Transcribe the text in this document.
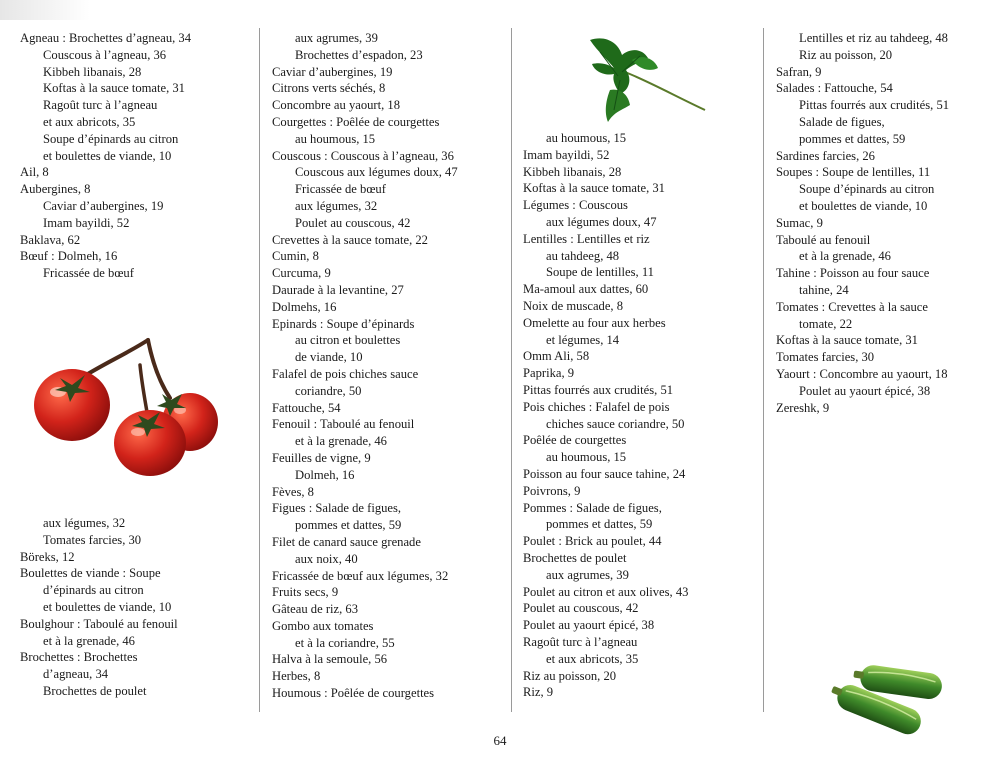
Agneau : Brochettes d’agneau, 34
Couscous à l’agneau, 36
Kibbeh libanais, 28
Koftas à la sauce tomate, 31
Ragoût turc à l’agneau
et aux abricots, 35
Soupe d’épinards au citron
et boulettes de viande, 10
Ail, 8
Aubergines, 8
Caviar d’aubergines, 19
Imam bayildi, 52
Baklava, 62
Bœuf : Dolmeh, 16
Fricassée de bœuf
aux légumes, 32
Tomates farcies, 30
Böreks, 12
Boulettes de viande : Soupe
d’épinards au citron
et boulettes de viande, 10
Boulghour : Taboulé au fenouil
et à la grenade, 46
Brochettes : Brochettes
d’agneau, 34
Brochettes de poulet
aux agrumes, 39
Brochettes d’espadon, 23
Caviar d’aubergines, 19
Citrons verts séchés, 8
Concombre au yaourt, 18
Courgettes : Poêlée de courgettes
au houmous, 15
Couscous : Couscous à l’agneau, 36
Couscous aux légumes doux, 47
Fricassée de bœuf
aux légumes, 32
Poulet au couscous, 42
Crevettes à la sauce tomate, 22
Cumin, 8
Curcuma, 9
Daurade à la levantine, 27
Dolmehs, 16
Epinards : Soupe d’épinards
au citron et boulettes
de viande, 10
Falafel de pois chiches sauce
coriandre, 50
Fattouche, 54
Fenouil : Taboulé au fenouil
et à la grenade, 46
Feuilles de vigne, 9
Dolmeh, 16
Fèves, 8
Figues : Salade de figues,
pommes et dattes, 59
Filet de canard sauce grenade
aux noix, 40
Fricassée de bœuf aux légumes, 32
Fruits secs, 9
Gâteau de riz, 63
Gombo aux tomates
et à la coriandre, 55
Halva à la semoule, 56
Herbes, 8
Houmous : Poêlée de courgettes
au houmous, 15
Imam bayildi, 52
Kibbeh libanais, 28
Koftas à la sauce tomate, 31
Légumes : Couscous
aux légumes doux, 47
Lentilles : Lentilles et riz
au tahdeeg, 48
Soupe de lentilles, 11
Ma-amoul aux dattes, 60
Noix de muscade, 8
Omelette au four aux herbes
et légumes, 14
Omm Ali, 58
Paprika, 9
Pittas fourrés aux crudités, 51
Pois chiches : Falafel de pois
chiches sauce coriandre, 50
Poêlée de courgettes
au houmous, 15
Poisson au four sauce tahine, 24
Poivrons, 9
Pommes : Salade de figues,
pommes et dattes, 59
Poulet : Brick au poulet, 44
Brochettes de poulet
aux agrumes, 39
Poulet au citron et aux olives, 43
Poulet au couscous, 42
Poulet au yaourt épicé, 38
Ragoût turc à l’agneau
et aux abricots, 35
Riz au poisson, 20
Riz, 9
Lentilles et riz au tahdeeg, 48
Riz au poisson, 20
Safran, 9
Salades : Fattouche, 54
Pittas fourrés aux crudités, 51
Salade de figues,
pommes et dattes, 59
Sardines farcies, 26
Soupes : Soupe de lentilles, 11
Soupe d’épinards au citron
et boulettes de viande, 10
Sumac, 9
Taboulé au fenouil
et à la grenade, 46
Tahine : Poisson au four sauce
tahine, 24
Tomates : Crevettes à la sauce
tomate, 22
Koftas à la sauce tomate, 31
Tomates farcies, 30
Yaourt : Concombre au yaourt, 18
Poulet au yaourt épicé, 38
Zereshk, 9
64
